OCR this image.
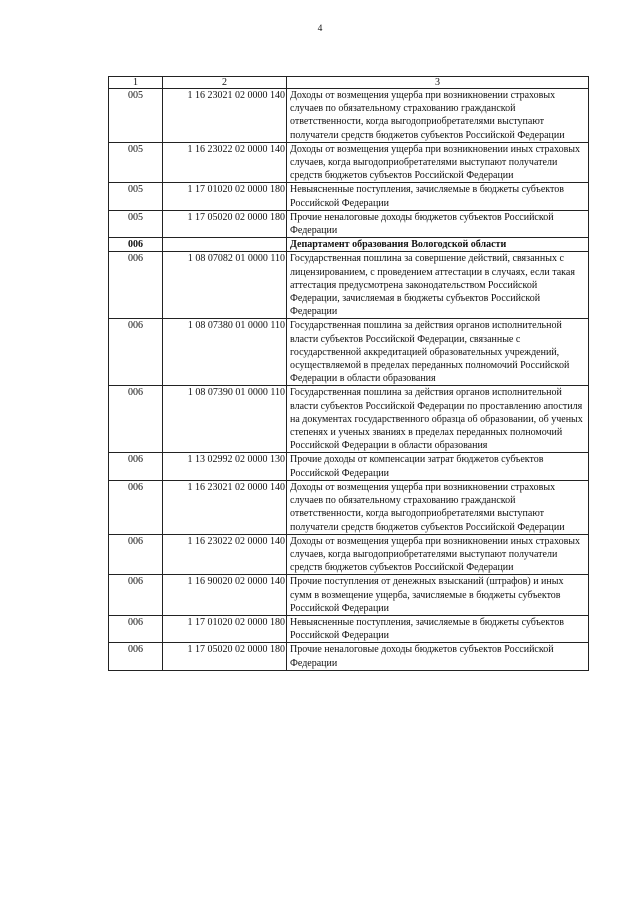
4
1	2	3
005	1 16 23021 02 0000 140	Доходы от возмещения ущерба при возникновении страховых случаев по обязательному страхованию гражданской ответственности, когда выгодоприобретателями выступают получатели средств бюджетов субъектов Российской Федерации
005	1 16 23022 02 0000 140	Доходы от возмещения ущерба при возникновении иных страховых случаев, когда выгодоприобретателями выступают получатели средств бюджетов субъектов Российской Федерации
005	1 17 01020 02 0000 180	Невыясненные поступления, зачисляемые в бюджеты субъектов Российской Федерации
005	1 17 05020 02 0000 180	Прочие неналоговые доходы бюджетов субъектов Российской Федерации
006		Департамент образования Вологодской области
006	1 08 07082 01 0000 110	Государственная пошлина за совершение действий, связанных с лицензированием, с проведением аттестации в случаях, если такая аттестация предусмотрена законодательством Российской Федерации, зачисляемая в бюджеты субъектов Российской Федерации
006	1 08 07380 01 0000 110	Государственная пошлина за действия органов исполнительной власти субъектов Российской Федерации, связанные с государственной аккредитацией образовательных учреждений, осуществляемой в пределах переданных полномочий Российской Федерации в области образования
006	1 08 07390 01 0000 110	Государственная пошлина за действия органов исполнительной власти субъектов Российской Федерации по проставлению апостиля на документах государственного образца об образовании, об ученых степенях и ученых званиях в пределах переданных полномочий Российской Федерации в области образования
006	1 13 02992 02 0000 130	Прочие доходы от компенсации затрат бюджетов субъектов Российской Федерации
006	1 16 23021 02 0000 140	Доходы от возмещения ущерба при возникновении страховых случаев по обязательному страхованию гражданской ответственности, когда выгодоприобретателями выступают получатели средств бюджетов субъектов Российской Федерации
006	1 16 23022 02 0000 140	Доходы от возмещения ущерба при возникновении иных страховых случаев, когда выгодоприобретателями выступают получатели средств бюджетов субъектов Российской Федерации
006	1 16 90020 02 0000 140	Прочие поступления от денежных взысканий (штрафов) и иных сумм в возмещение ущерба, зачисляемые в бюджеты субъектов Российской Федерации
006	1 17 01020 02 0000 180	Невыясненные поступления, зачисляемые в бюджеты субъектов Российской Федерации
006	1 17 05020 02 0000 180	Прочие неналоговые доходы бюджетов субъектов Российской Федерации
